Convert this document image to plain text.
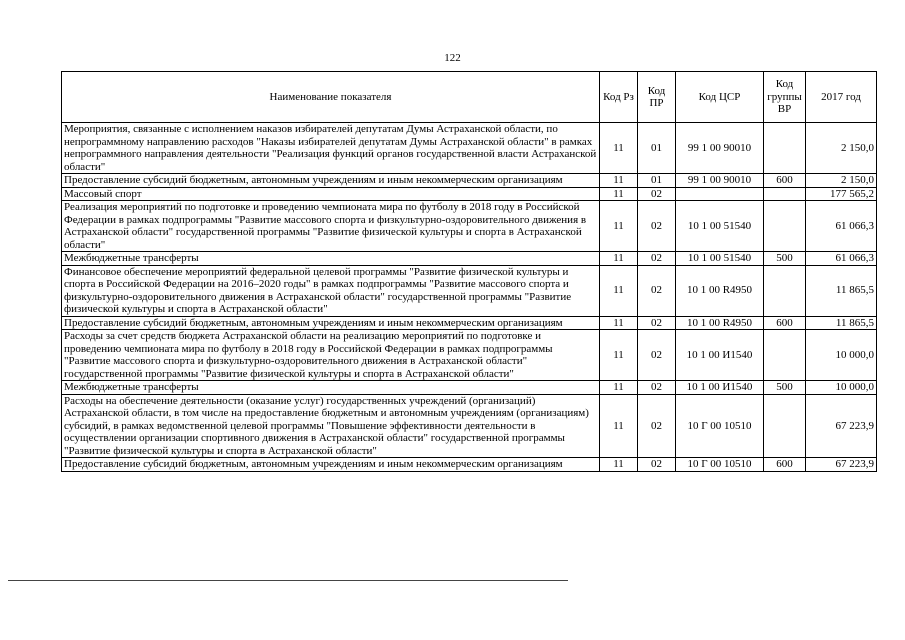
122
Наименование показателя	Код Рз	Код ПР	Код ЦСР	Код группы ВР	2017 год
Мероприятия, связанные с исполнением наказов избирателей депутатам Думы Астраханской области, по непрограммному направлению расходов "Наказы избирателей депутатам Думы Астраханской области" в рамках непрограммного направления деятельности "Реализация функций органов государственной власти Астраханской области"	11	01	99 1 00 90010		2 150,0
Предоставление субсидий бюджетным, автономным учреждениям и иным некоммерческим организациям	11	01	99 1 00 90010	600	2 150,0
Массовый спорт	11	02			177 565,2
Реализация мероприятий по подготовке и проведению чемпионата мира по футболу в 2018 году в Российской Федерации в рамках подпрограммы "Развитие массового спорта и физкультурно-оздоровительного движения в Астраханской области" государственной программы "Развитие физической культуры и спорта в Астраханской области"	11	02	10 1 00 51540		61 066,3
Межбюджетные трансферты	11	02	10 1 00 51540	500	61 066,3
Финансовое обеспечение мероприятий федеральной целевой программы "Развитие физической культуры и спорта в Российской Федерации на 2016–2020 годы" в рамках подпрограммы "Развитие массового спорта и физкультурно-оздоровительного движения в Астраханской области" государственной программы "Развитие физической культуры и спорта в Астраханской области"	11	02	10 1 00 R4950		11 865,5
Предоставление субсидий бюджетным, автономным учреждениям и иным некоммерческим организациям	11	02	10 1 00 R4950	600	11 865,5
Расходы за счет средств бюджета Астраханской области на реализацию мероприятий по подготовке и проведению чемпионата мира по футболу в 2018 году в Российской Федерации в рамках подпрограммы "Развитие массового спорта и физкультурно-оздоровительного движения в Астраханской области" государственной программы "Развитие физической культуры и спорта в Астраханской области"	11	02	10 1 00 И1540		10 000,0
Межбюджетные трансферты	11	02	10 1 00 И1540	500	10 000,0
Расходы на обеспечение деятельности (оказание услуг) государственных учреждений (организаций) Астраханской области, в том числе на предоставление бюджетным и автономным учреждениям (организациям) субсидий, в рамках ведомственной целевой программы "Повышение эффективности деятельности в осуществлении организации спортивного движения в Астраханской области" государственной программы "Развитие физической культуры и спорта в Астраханской области"	11	02	10 Г 00 10510		67 223,9
Предоставление субсидий бюджетным, автономным учреждениям и иным некоммерческим организациям	11	02	10 Г 00 10510	600	67 223,9
